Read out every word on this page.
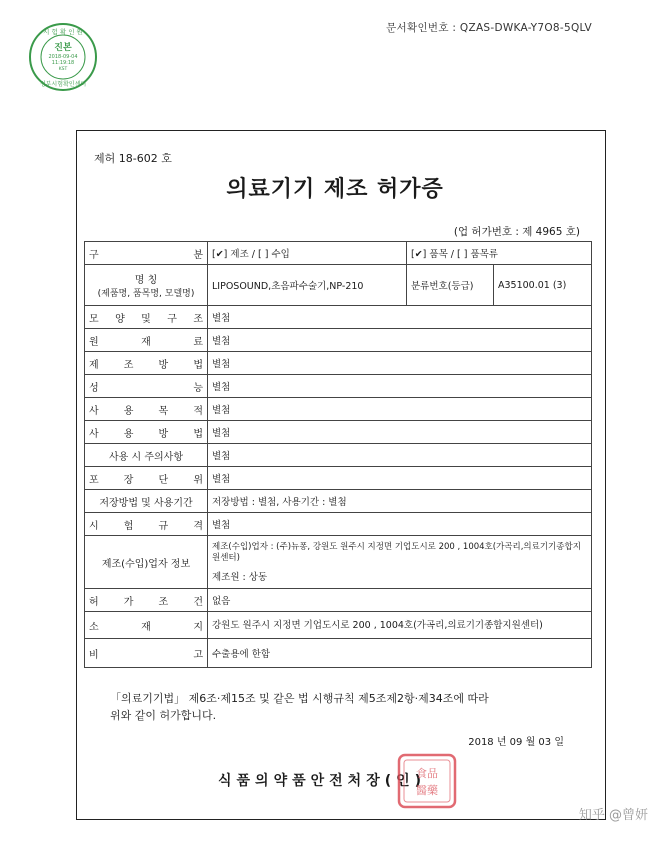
문서확인번호 : QZAS-DWKA-Y7O8-5QLV
시 험 확 인 원
진본
2018-09-04
11:19:18
KST
정부시험확인센터
제허 18-602 호
의료기기 제조 허가증
(업 허가번호 : 제 4965 호)
구 분	[✔] 제조 / [ ] 수입	[✔] 품목 / [ ] 품목류	

명 칭
(제품명, 품목명, 모델명)	LIPOSOUND,초음파수술기,NP-210	분류번호(등급)	A35100.01 (3)
모 양 및 구 조	별첨		
원 재 료	별첨		
제 조 방 법	별첨		
성 능	별첨		
사 용 목 적	별첨		
사 용 방 법	별첨		
사용 시 주의사항	별첨		
포 장 단 위	별첨		
저장방법 및 사용기간	저장방법 : 별첨, 사용기간 : 별첨		
시 험 규 격	별첨		
제조(수입)업자 정보	제조(수입)업자 : (주)뉴퐁, 강원도 원주시 지정면 기업도시로 200 , 1004호(가곡리,의료기기종합지원센터)
제조원 : 상동		

허 가 조 건	없음		
소 재 지	강원도 원주시 지정면 기업도시로 200 , 1004호(가곡리,의료기기종합지원센터)		
비 고	수출용에 한함		
「의료기기법」 제6조·제15조 및 같은 법 시행규칙 제5조제2항·제34조에 따라
위와 같이 허가합니다.
2018 년 09 월 03 일
식품의약품안전처장(인)
食品
醫藥
知乎 @曾妍
